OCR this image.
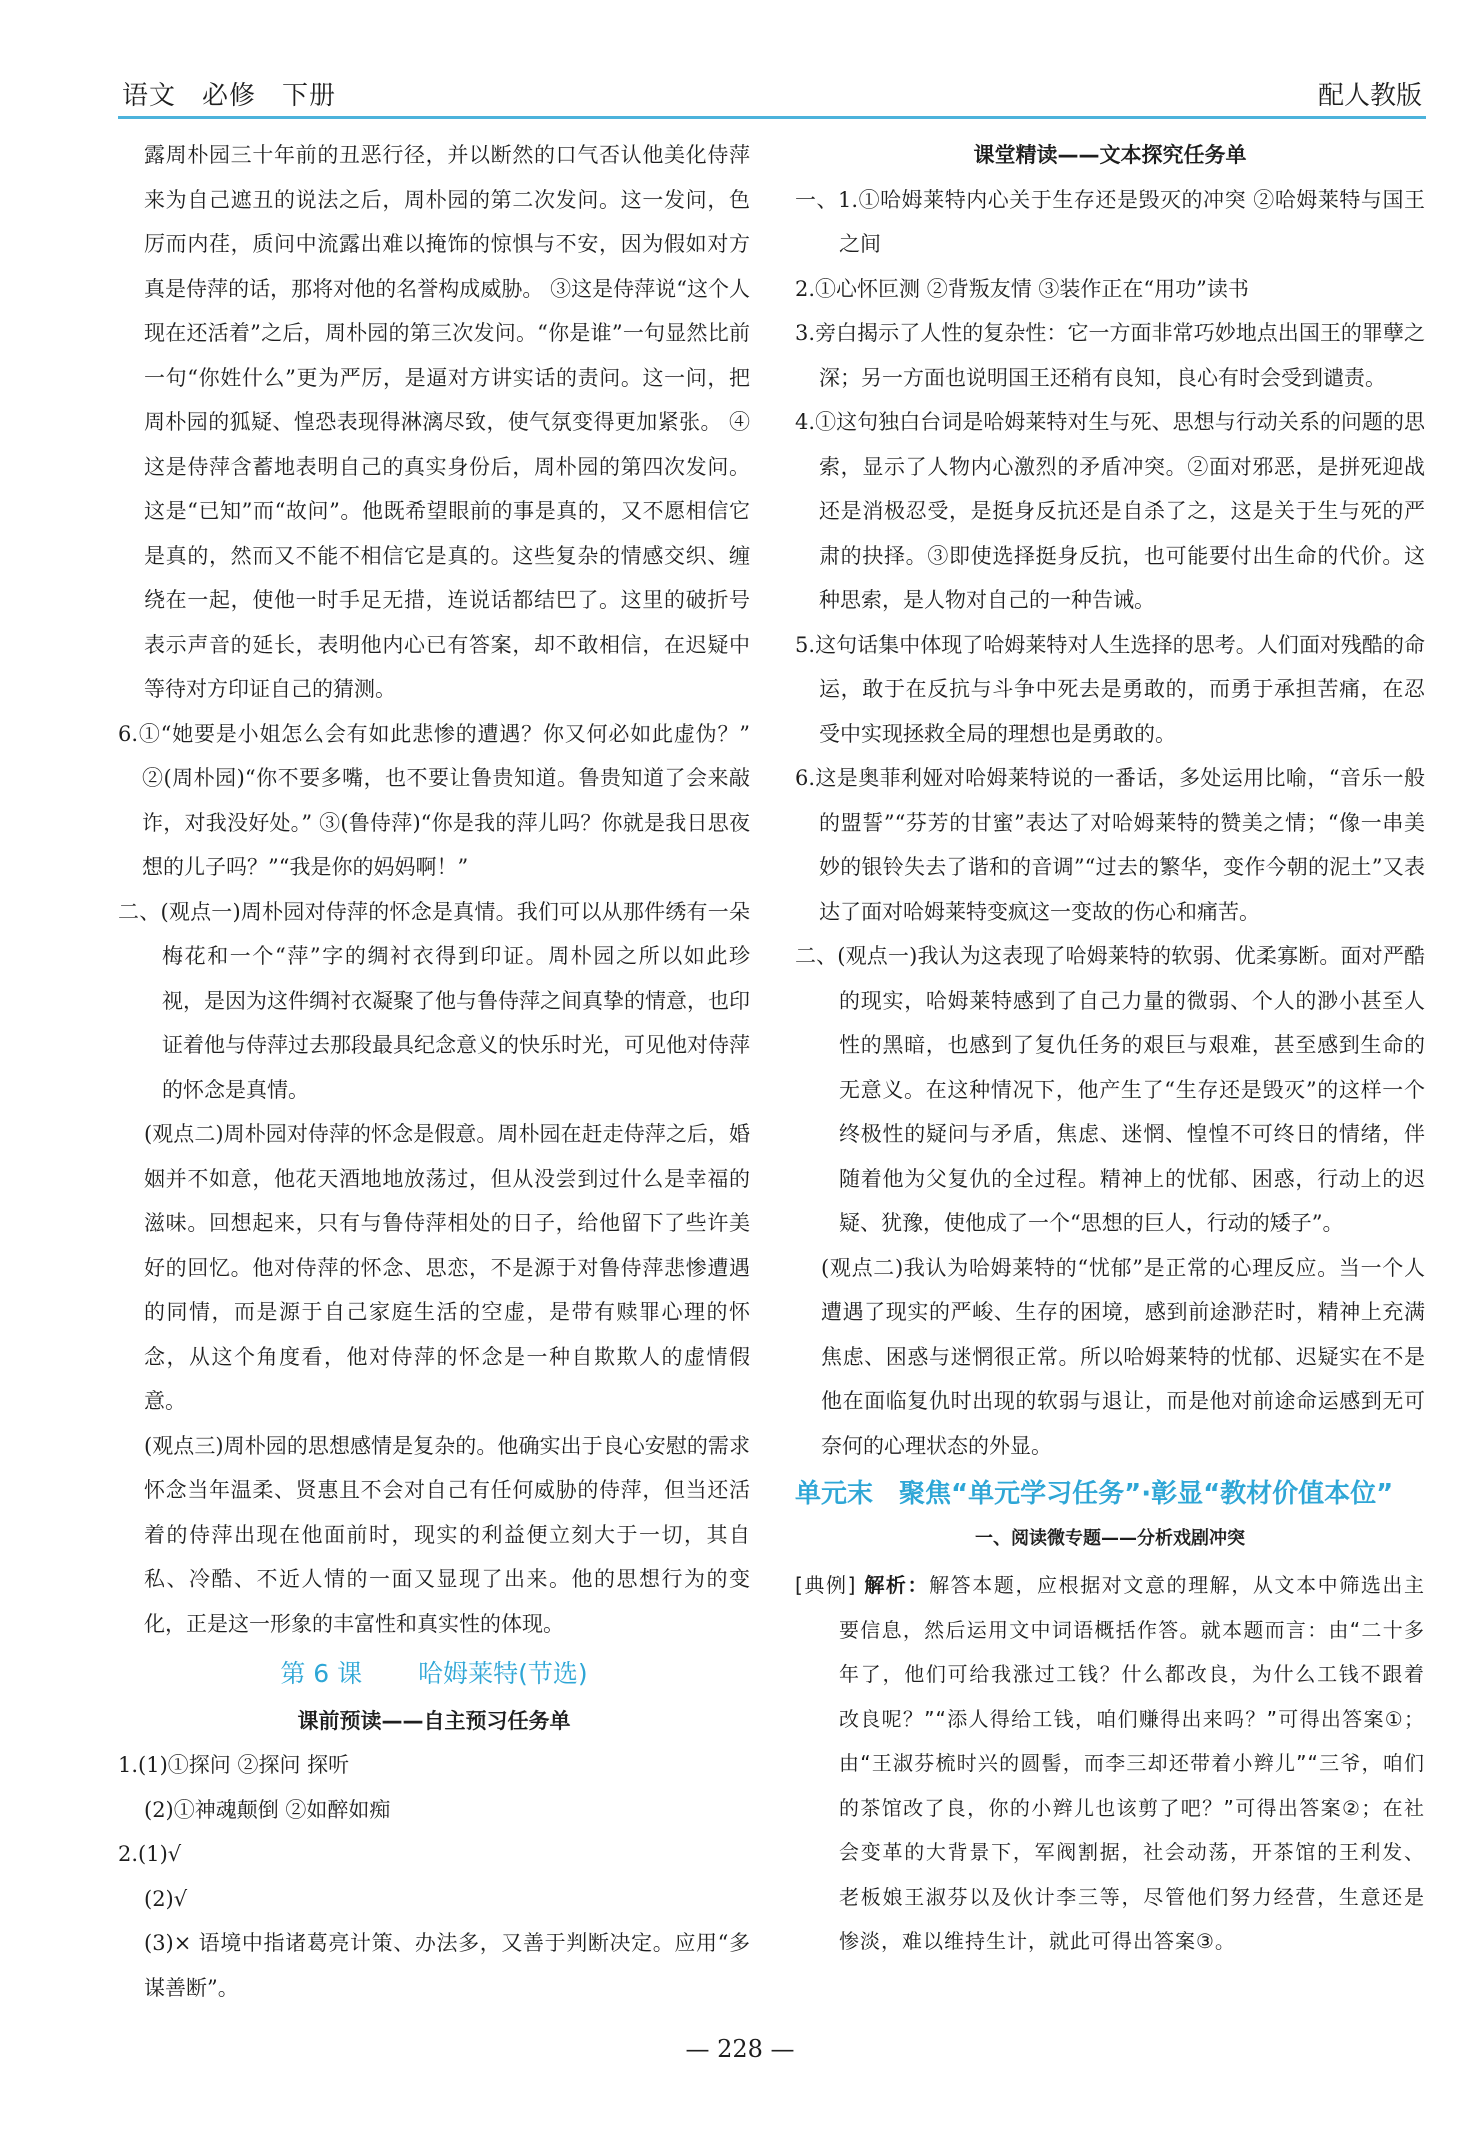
语文 必修 下册	配人教版

露周朴园三十年前的丑恶行径，并以断然的口气否认他美化侍萍来为自己遮丑的说法之后，周朴园的第二次发问。这一发问，色厉而内荏，质问中流露出难以掩饰的惊惧与不安，因为假如对方真是侍萍的话，那将对他的名誉构成威胁。 ③这是侍萍说“这个人现在还活着”之后，周朴园的第三次发问。“你是谁”一句显然比前一句“你姓什么”更为严厉，是逼对方讲实话的责问。这一问，把周朴园的狐疑、惶恐表现得淋漓尽致，使气氛变得更加紧张。 ④这是侍萍含蓄地表明自己的真实身份后，周朴园的第四次发问。这是“已知”而“故问”。他既希望眼前的事是真的，又不愿相信它是真的，然而又不能不相信它是真的。这些复杂的情感交织、缠绕在一起，使他一时手足无措，连说话都结巴了。这里的破折号表示声音的延长，表明他内心已有答案，却不敢相信，在迟疑中等待对方印证自己的猜测。

6.①“她要是小姐怎么会有如此悲惨的遭遇？你又何必如此虚伪？” ②(周朴园)“你不要多嘴，也不要让鲁贵知道。鲁贵知道了会来敲诈，对我没好处。” ③(鲁侍萍)“你是我的萍儿吗？你就是我日思夜想的儿子吗？”“我是你的妈妈啊！”

二、(观点一)周朴园对侍萍的怀念是真情。我们可以从那件绣有一朵梅花和一个“萍”字的绸衬衣得到印证。周朴园之所以如此珍视，是因为这件绸衬衣凝聚了他与鲁侍萍之间真挚的情意，也印证着他与侍萍过去那段最具纪念意义的快乐时光，可见他对侍萍的怀念是真情。

(观点二)周朴园对侍萍的怀念是假意。周朴园在赶走侍萍之后，婚姻并不如意，他花天酒地地放荡过，但从没尝到过什么是幸福的滋味。回想起来，只有与鲁侍萍相处的日子，给他留下了些许美好的回忆。他对侍萍的怀念、思恋，不是源于对鲁侍萍悲惨遭遇的同情，而是源于自己家庭生活的空虚，是带有赎罪心理的怀念，从这个角度看，他对侍萍的怀念是一种自欺欺人的虚情假意。

(观点三)周朴园的思想感情是复杂的。他确实出于良心安慰的需求怀念当年温柔、贤惠且不会对自己有任何威胁的侍萍，但当还活着的侍萍出现在他面前时，现实的利益便立刻大于一切，其自私、冷酷、不近人情的一面又显现了出来。他的思想行为的变化，正是这一形象的丰富性和真实性的体现。

第 6 课 哈姆莱特(节选)

课前预读——自主预习任务单

1.(1)①探问 ②探问 探听

(2)①神魂颠倒 ②如醉如痴

2.(1)√

(2)√

(3)× 语境中指诸葛亮计策、办法多，又善于判断决定。应用“多谋善断”。

课堂精读——文本探究任务单

一、1.①哈姆莱特内心关于生存还是毁灭的冲突 ②哈姆莱特与国王之间

2.①心怀叵测 ②背叛友情 ③装作正在“用功”读书

3.旁白揭示了人性的复杂性：它一方面非常巧妙地点出国王的罪孽之深；另一方面也说明国王还稍有良知，良心有时会受到谴责。

4.①这句独白台词是哈姆莱特对生与死、思想与行动关系的问题的思索，显示了人物内心激烈的矛盾冲突。②面对邪恶，是拼死迎战还是消极忍受，是挺身反抗还是自杀了之，这是关于生与死的严肃的抉择。③即使选择挺身反抗，也可能要付出生命的代价。这种思索，是人物对自己的一种告诫。

5.这句话集中体现了哈姆莱特对人生选择的思考。人们面对残酷的命运，敢于在反抗与斗争中死去是勇敢的，而勇于承担苦痛，在忍受中实现拯救全局的理想也是勇敢的。

6.这是奥菲利娅对哈姆莱特说的一番话，多处运用比喻，“音乐一般的盟誓”“芬芳的甘蜜”表达了对哈姆莱特的赞美之情；“像一串美妙的银铃失去了谐和的音调”“过去的繁华，变作今朝的泥土”又表达了面对哈姆莱特变疯这一变故的伤心和痛苦。

二、(观点一)我认为这表现了哈姆莱特的软弱、优柔寡断。面对严酷的现实，哈姆莱特感到了自己力量的微弱、个人的渺小甚至人性的黑暗，也感到了复仇任务的艰巨与艰难，甚至感到生命的无意义。在这种情况下，他产生了“生存还是毁灭”的这样一个终极性的疑问与矛盾，焦虑、迷惘、惶惶不可终日的情绪，伴随着他为父复仇的全过程。精神上的忧郁、困惑，行动上的迟疑、犹豫，使他成了一个“思想的巨人，行动的矮子”。

(观点二)我认为哈姆莱特的“忧郁”是正常的心理反应。当一个人遭遇了现实的严峻、生存的困境，感到前途渺茫时，精神上充满焦虑、困惑与迷惘很正常。所以哈姆莱特的忧郁、迟疑实在不是他在面临复仇时出现的软弱与退让，而是他对前途命运感到无可奈何的心理状态的外显。

单元末 聚焦“单元学习任务”·彰显“教材价值本位”

一、阅读微专题——分析戏剧冲突

[典例] 解析：解答本题，应根据对文意的理解，从文本中筛选出主要信息，然后运用文中词语概括作答。就本题而言：由“二十多年了，他们可给我涨过工钱？什么都改良，为什么工钱不跟着改良呢？”“添人得给工钱，咱们赚得出来吗？”可得出答案①；由“王淑芬梳时兴的圆髻，而李三却还带着小辫儿”“三爷，咱们的茶馆改了良，你的小辫儿也该剪了吧？”可得出答案②；在社会变革的大背景下，军阀割据，社会动荡，开茶馆的王利发、老板娘王淑芬以及伙计李三等，尽管他们努力经营，生意还是惨淡，难以维持生计，就此可得出答案③。

— 228 —
